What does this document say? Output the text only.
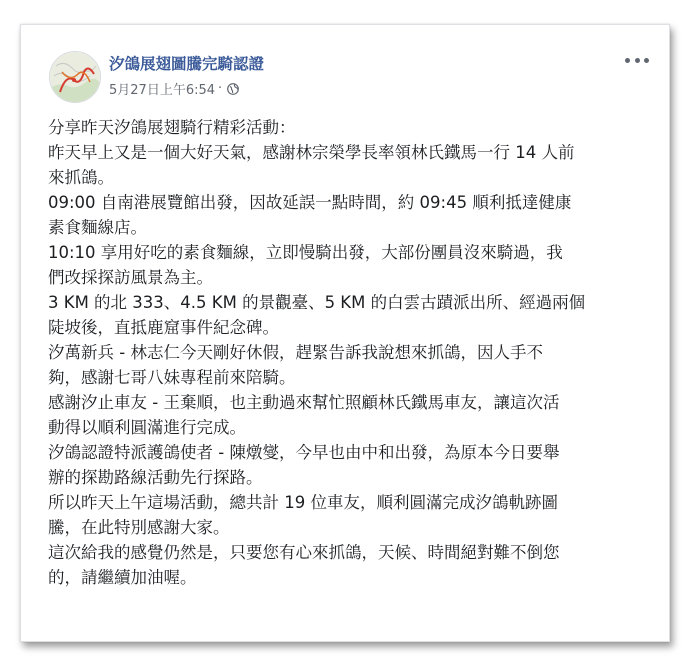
汐鴿展翅圖騰完騎認證
5月27日上午6:54 ·

分享昨天汐鴿展翅騎行精彩活動：

昨天早上又是一個大好天氣，感謝林宗榮學長率領林氏鐵馬一行 14 人前

來抓鴿。

09:00 自南港展覽館出發，因故延誤一點時間，約 09:45 順利抵達健康

素食麵線店。

10:10 享用好吃的素食麵線，立即慢騎出發，大部份團員沒來騎過，我

們改採探訪風景為主。

3 KM 的北 333、4.5 KM 的景觀臺、5 KM 的白雲古蹟派出所、經過兩個

陡坡後，直抵鹿窟事件紀念碑。

汐萬新兵 - 林志仁今天剛好休假，趕緊告訴我說想來抓鴿，因人手不

夠，感謝七哥八妹專程前來陪騎。

感謝汐止車友 - 王棄順，也主動過來幫忙照顧林氏鐵馬車友，讓這次活

動得以順利圓滿進行完成。

汐鴿認證特派護鴿使者 - 陳燉燮，今早也由中和出發，為原本今日要舉

辦的探勘路線活動先行探路。

所以昨天上午這場活動，總共計 19 位車友，順利圓滿完成汐鴿軌跡圖

騰，在此特別感謝大家。

這次給我的感覺仍然是，只要您有心來抓鴿，天候、時間絕對難不倒您

的，請繼續加油喔。
